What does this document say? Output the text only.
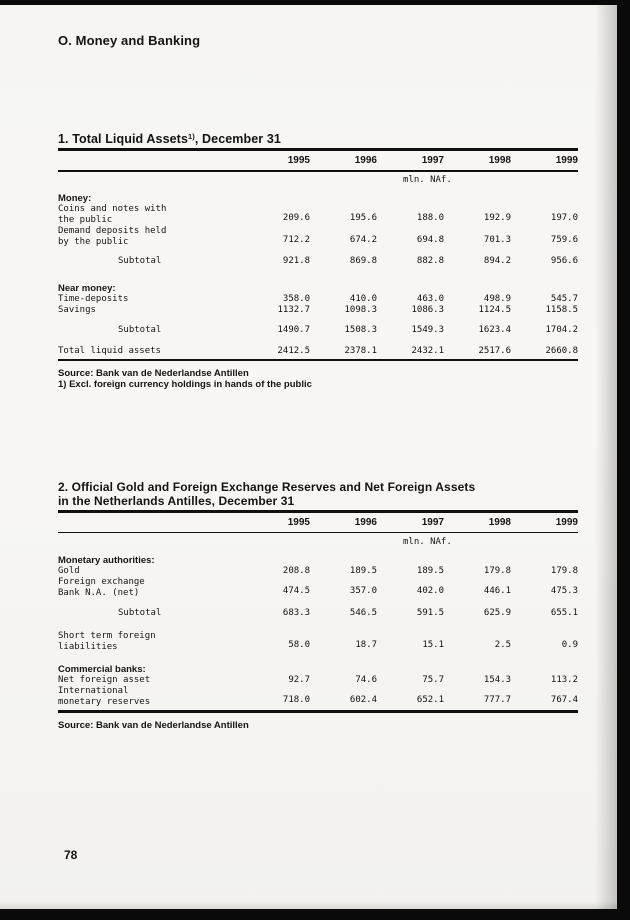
O. Money and Banking
1. Total Liquid Assets$^{1)}$, December 31
1995	1996	1997	1998	1999
mln. NAf.
Money:
Coins and notes with
the public	209.6	195.6	188.0	192.9	197.0
Demand deposits held
by the public	712.2	674.2	694.8	701.3	759.6
Subtotal	921.8	869.8	882.8	894.2	956.6
Near money:
Time-deposits	358.0	410.0	463.0	498.9	545.7
Savings	1132.7	1098.3	1086.3	1124.5	1158.5
Subtotal	1490.7	1508.3	1549.3	1623.4	1704.2
Total liquid assets	2412.5	2378.1	2432.1	2517.6	2660.8

Source: Bank van de Nederlandse Antillen

1) Excl. foreign currency holdings in hands of the public

2. Official Gold and Foreign Exchange Reserves and Net Foreign Assets
in the Netherlands Antilles, December 31
1995	1996	1997	1998	1999
mln. NAf.
Monetary authorities:
Gold	208.8	189.5	189.5	179.8	179.8
Foreign exchange
Bank N.A. (net)	474.5	357.0	402.0	446.1	475.3
Subtotal	683.3	546.5	591.5	625.9	655.1
Short term foreign
liabilities	58.0	18.7	15.1	2.5	0.9
Commercial banks:
Net foreign asset	92.7	74.6	75.7	154.3	113.2
International
monetary reserves	718.0	602.4	652.1	777.7	767.4

Source: Bank van de Nederlandse Antillen

78
